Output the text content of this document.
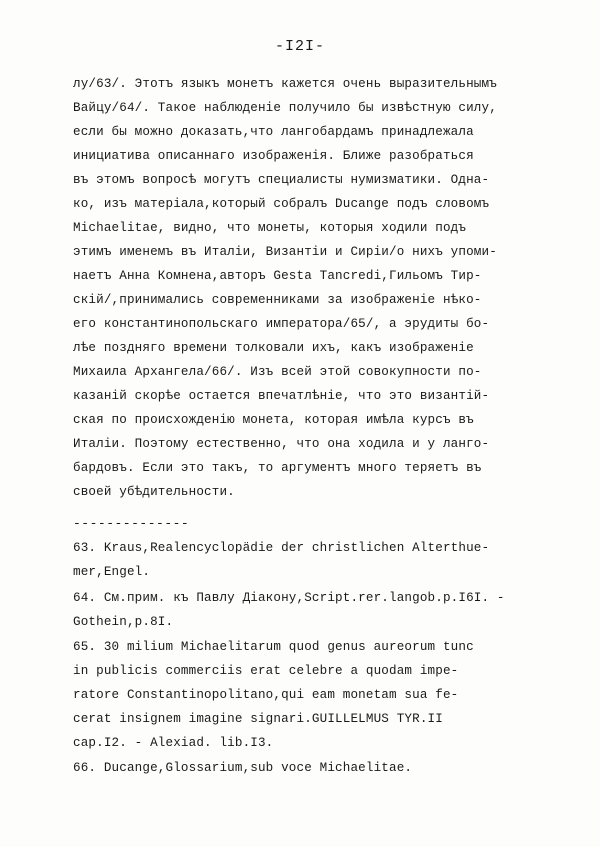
-I2I-
лу/63/. Этотъ языкъ монетъ кажется очень выразительнымъ
Вайцу/64/. Такое наблюденіе получило бы извѣстную силу,
если бы можно доказать,что лангобардамъ принадлежала
инициатива описаннаго изображенія. Ближе разобраться
въ этомъ вопросѣ могутъ специалисты нумизматики. Одна-
ко, изъ матеріала,который собралъ Ducange подъ словомъ
Michaelitae, видно, что монеты, которыя ходили подъ
этимъ именемъ въ Италіи, Византіи и Сиріи/о нихъ упоми-
наетъ Анна Комнена,авторъ Gesta Tancredi,Гильомъ Тир-
скій/,принимались современниками за изображеніе нѣко-
его константинопольскаго императора/65/, а эрудиты бо-
лѣе поздняго времени толковали ихъ, какъ изображеніе
Михаила Архангела/66/. Изъ всей этой совокупности по-
казаній скорѣе остается впечатлѣніе, что это византій-
ская по происхожденію монета, которая имѣла курсъ въ
Италіи. Поэтому естественно, что она ходила и у лангo-
бардовъ. Если это такъ, то аргументъ много теряетъ въ
своей убѣдительности.
--------------
63. Kraus,Realencyclopädie der christlichen Alterthue-
mer,Engel.
64. См.прим. къ Павлу Діакону,Script.rer.langob.p.I6I. -
Gothein,p.8I.
65. 30 milium Michaelitarum quod genus aureorum tunc
in publicis commerciis erat celebre a quodam impe-
ratore Constantinopolitano,qui eam monetam sua fe-
cerat insignem imagine signari.GUILLELMUS TYR.II
cap.I2. - Alexiad. lib.I3.
66. Ducange,Glossarium,sub voce Michaelitae.
